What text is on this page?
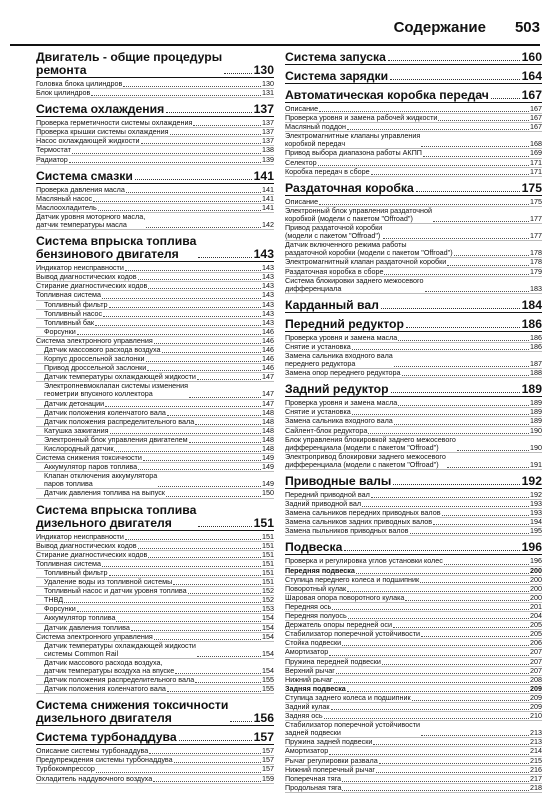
Содержание 503
Двигатель - общие процедуры
ремонта	130
Головка блока цилиндров	130
Блок цилиндров	131
Система охлаждения	137
Проверка герметичности системы охлаждения	137
Проверка крышки системы охлаждения	137
Насос охлаждающей жидкости	137
Термостат	138
Радиатор	139
Система смазки	141
Проверка давления масла	141
Масляный насос	141
Маслоохладитель	141
Датчик уровня моторного масла,
датчик температуры масла	142
Система впрыска топлива
бензинового двигателя	143
Индикатор неисправности	143
Вывод диагностических кодов	143
Стирание диагностических кодов	143
Топливная система	143
Топливный фильтр	143
Топливный насос	143
Топливный бак	143
Форсунки	146
Система электронного управления	146
Датчик массового расхода воздуха	146
Корпус дроссельной заслонки	146
Привод дроссельной заслонки	146
Датчик температуры охлаждающей жидкости	147
Электропневмоклапан системы изменения
геометрии впускного коллектора	147
Датчик детонации	147
Датчик положения коленчатого вала	148
Датчик положения распределительного вала	148
Катушка зажигания	148
Электронный блок управления двигателем	148
Кислородный датчик	148
Система снижения токсичности	149
Аккумулятор паров топлива	149
Клапан отключения аккумулятора
паров топлива	149
Датчик давления топлива на выпуск	150
Система впрыска топлива
дизельного двигателя	151
Индикатор неисправности	151
Вывод диагностических кодов	151
Стирание диагностических кодов	151
Топливная система	151
Топливный фильтр	151
Удаление воды из топливной системы	151
Топливный насос и датчик уровня топлива	152
ТНВД	152
Форсунки	153
Аккумулятор топлива	154
Датчик давления топлива	154
Система электронного управления	154
Датчик температуры охлаждающей жидкости
системы Common Rail	154
Датчик массового расхода воздуха,
датчик температуры воздуха на впуске	154
Датчик положения распределительного вала	155
Датчик положения коленчатого вала	155
Система снижения токсичности
дизельного двигателя	156
Система турбонаддува	157
Описание системы турбонаддува	157
Предупреждения системы турбонаддува	157
Турбокомпрессор	157
Охладитель наддувочного воздуха	159
Система запуска	160
Система зарядки	164
Автоматическая коробка передач	167
Описание	167
Проверка уровня и замена рабочей жидкости	167
Масляный поддон	167
Электромагнитные клапаны управления
коробкой передач	168
Привод выбора диапазона работы АКПП	169
Селектор	171
Коробка передач в сборе	171
Раздаточная коробка	175
Описание	175
Электронный блок управления раздаточной
коробкой (модели с пакетом "Offroad")	177
Привод раздаточной коробки
(модели с пакетом "Offroad")	177
Датчик включенного режима работы
раздаточной коробки (модели с пакетом "Offroad")	178
Электромагнитный клапан раздаточной коробки	178
Раздаточная коробка в сборе	179
Система блокировки заднего межосевого
дифференциала	183
Карданный вал	184
Передний редуктор	186
Проверка уровня и замена масла	186
Снятие и установка	186
Замена сальника входного вала
переднего редуктора	187
Замена опор переднего редуктора	188
Задний редуктор	189
Проверка уровня и замена масла	189
Снятие и установка	189
Замена сальника входного вала	189
Сайлент-блок редуктора	190
Блок управления блокировкой заднего межосевого
дифференциала (модели с пакетом "Offroad")	190
Электропривод блокировки заднего межосевого
дифференциала (модели с пакетом "Offroad")	191
Приводные валы	192
Передний приводной вал	192
Задний приводной вал	193
Замена сальников передних приводных валов	193
Замена сальников задних приводных валов	194
Замена пыльников приводных валов	195
Подвеска	196
Проверка и регулировка углов установки колес	196
Передняя подвеска	200
Ступица переднего колеса и подшипник	200
Поворотный кулак	200
Шаровая опора поворотного кулака	200
Передняя ось	201
Передняя полуось	204
Держатель опоры передней оси	205
Стабилизатор поперечной устойчивости	205
Стойка подвески	206
Амортизатор	207
Пружина передней подвески	207
Верхний рычаг	207
Нижний рычаг	208
Задняя подвеска	209
Ступица заднего колеса и подшипник	209
Задний кулак	209
Задняя ось	210
Стабилизатор поперечной устойчивости
задней подвески	213
Пружина задней подвески	213
Амортизатор	214
Рычаг регулировки развала	215
Нижний поперечный рычаг	216
Поперечная тяга	217
Продольная тяга	218
